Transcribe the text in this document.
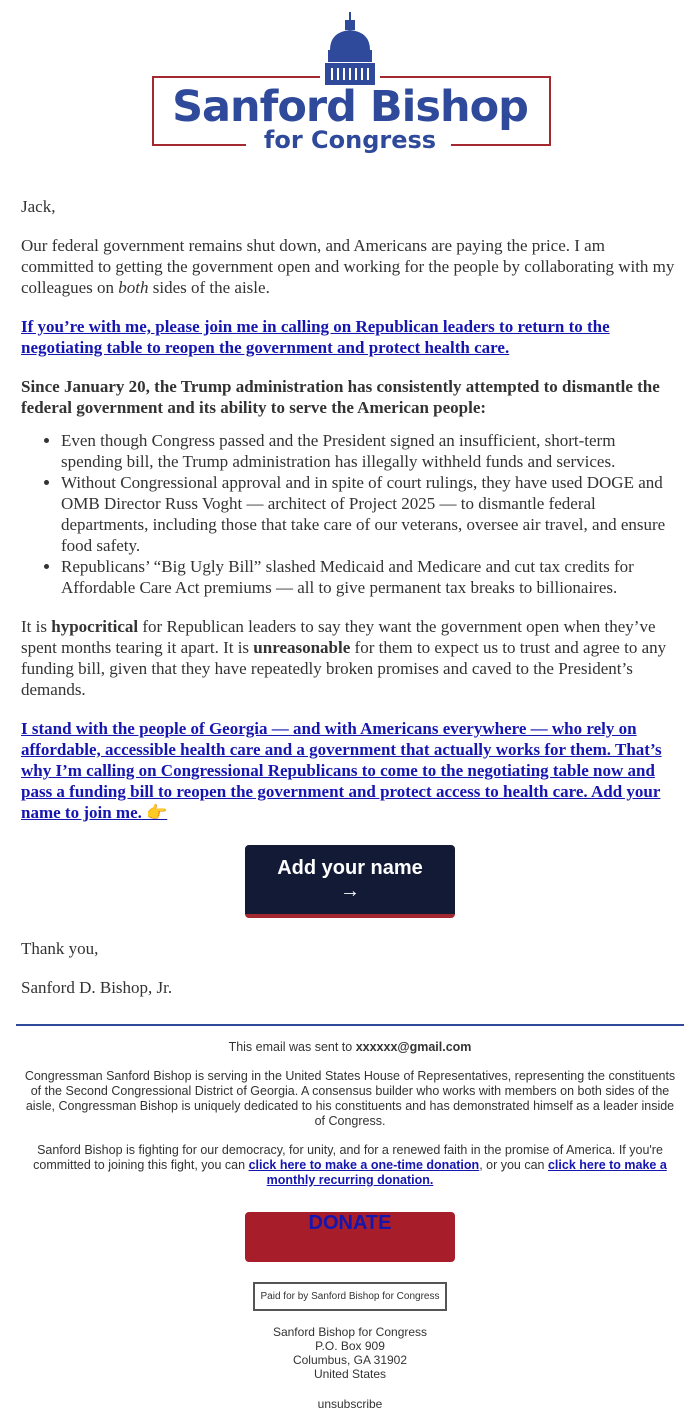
Sanford Bishop
for Congress

Jack,

Our federal government remains shut down, and Americans are paying the price. I am committed to getting the government open and working for the people by collaborating with my colleagues on both sides of the aisle.

If you’re with me, please join me in calling on Republican leaders to return to the negotiating table to reopen the government and protect health care.

Since January 20, the Trump administration has consistently attempted to dismantle the federal government and its ability to serve the American people:

• Even though Congress passed and the President signed an insufficient, short-term spending bill, the Trump administration has illegally withheld funds and services.
• Without Congressional approval and in spite of court rulings, they have used DOGE and OMB Director Russ Voght — architect of Project 2025 — to dismantle federal departments, including those that take care of our veterans, oversee air travel, and ensure food safety.
• Republicans’ “Big Ugly Bill” slashed Medicaid and Medicare and cut tax credits for Affordable Care Act premiums — all to give permanent tax breaks to billionaires.

It is hypocritical for Republican leaders to say they want the government open when they’ve spent months tearing it apart. It is unreasonable for them to expect us to trust and agree to any funding bill, given that they have repeatedly broken promises and caved to the President’s demands.

I stand with the people of Georgia — and with Americans everywhere — who rely on affordable, accessible health care and a government that actually works for them. That’s why I’m calling on Congressional Republicans to come to the negotiating table now and pass a funding bill to reopen the government and protect access to health care. Add your name to join me. 👉

Add your name →

Thank you,

Sanford D. Bishop, Jr.

This email was sent to xxxxxx@gmail.com

Congressman Sanford Bishop is serving in the United States House of Representatives, representing the constituents of the Second Congressional District of Georgia. A consensus builder who works with members on both sides of the aisle, Congressman Bishop is uniquely dedicated to his constituents and has demonstrated himself as a leader inside of Congress.

Sanford Bishop is fighting for our democracy, for unity, and for a renewed faith in the promise of America. If you're committed to joining this fight, you can click here to make a one-time donation, or you can click here to make a monthly recurring donation.

DONATE
Paid for by Sanford Bishop for Congress
Sanford Bishop for Congress
P.O. Box 909
Columbus, GA 31902
United States
unsubscribe
